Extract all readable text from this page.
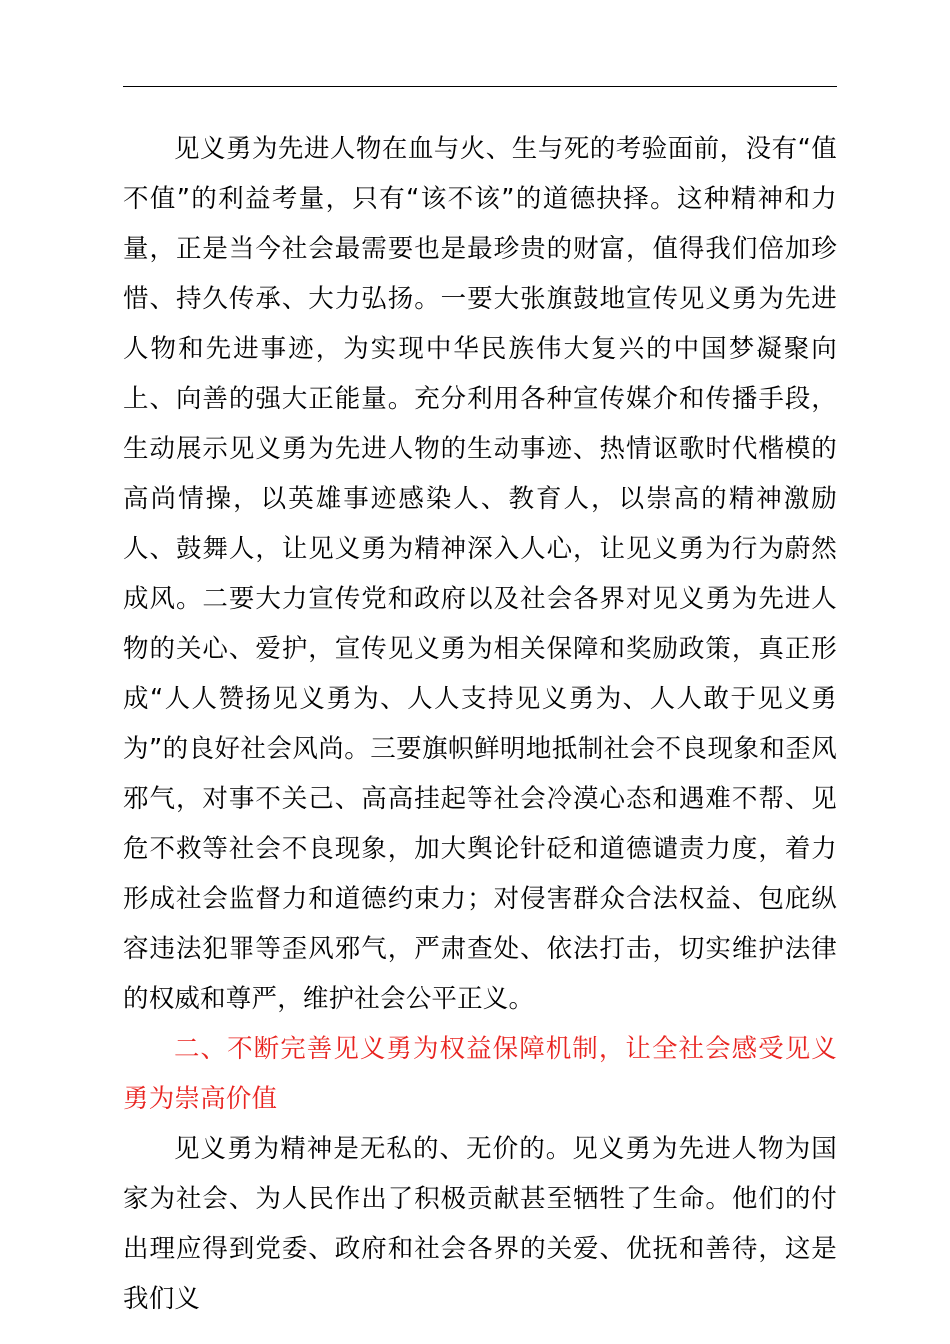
见义勇为先进人物在血与火、生与死的考验面前，没有“值不值”的利益考量，只有“该不该”的道德抉择。这种精神和力量，正是当今社会最需要也是最珍贵的财富，值得我们倍加珍惜、持久传承、大力弘扬。一要大张旗鼓地宣传见义勇为先进人物和先进事迹，为实现中华民族伟大复兴的中国梦凝聚向上、向善的强大正能量。充分利用各种宣传媒介和传播手段，生动展示见义勇为先进人物的生动事迹、热情讴歌时代楷模的高尚情操，以英雄事迹感染人、教育人，以崇高的精神激励人、鼓舞人，让见义勇为精神深入人心，让见义勇为行为蔚然成风。二要大力宣传党和政府以及社会各界对见义勇为先进人物的关心、爱护，宣传见义勇为相关保障和奖励政策，真正形成“人人赞扬见义勇为、人人支持见义勇为、人人敢于见义勇为”的良好社会风尚。三要旗帜鲜明地抵制社会不良现象和歪风邪气，对事不关己、高高挂起等社会冷漠心态和遇难不帮、见危不救等社会不良现象，加大舆论针砭和道德谴责力度，着力形成社会监督力和道德约束力；对侵害群众合法权益、包庇纵容违法犯罪等歪风邪气，严肃查处、依法打击，切实维护法律的权威和尊严，维护社会公平正义。

二、不断完善见义勇为权益保障机制，让全社会感受见义勇为崇高价值

见义勇为精神是无私的、无价的。见义勇为先进人物为国家为社会、为人民作出了积极贡献甚至牺牲了生命。他们的付出理应得到党委、政府和社会各界的关爱、优抚和善待，这是我们义
